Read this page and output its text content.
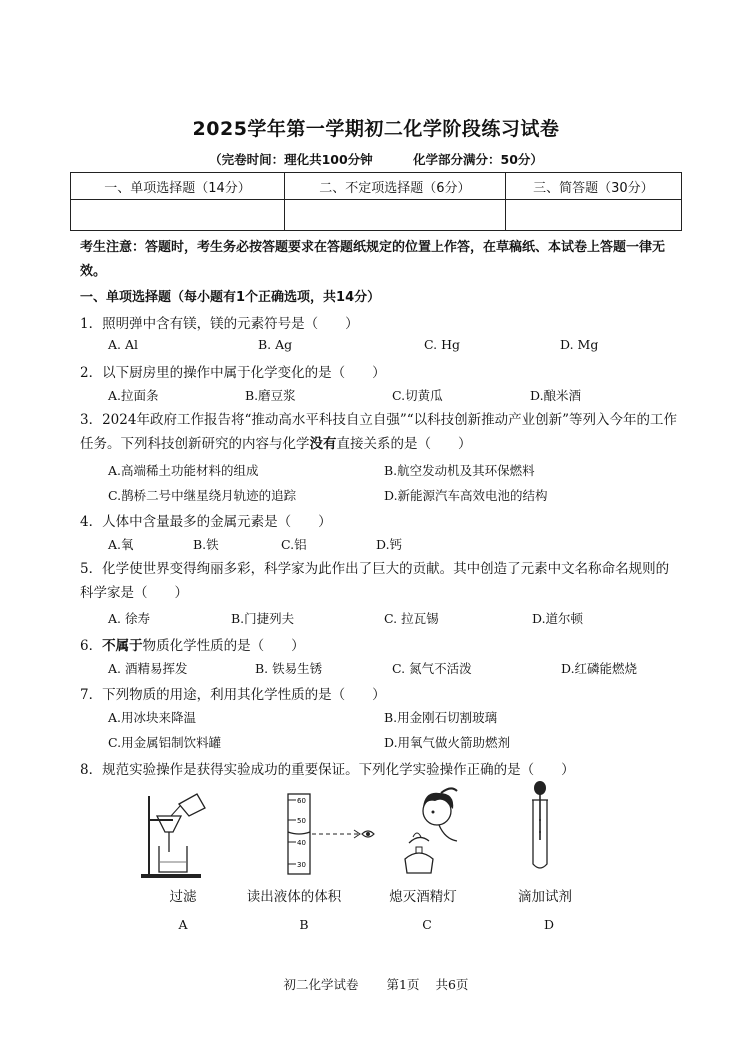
2025学年第一学期初二化学阶段练习试卷
（完卷时间：理化共100分钟	化学部分满分：50分）
一、单项选择题（14分）	二、不定项选择题（6分）	三、简答题（30分）

考生注意：答题时，考生务必按答题要求在答题纸规定的位置上作答，在草稿纸、本试卷上答题一律无效。
一、单项选择题（每小题有1个正确选项，共14分）
1．照明弹中含有镁，镁的元素符号是（　　）
A. Al	B. Ag	C. Hg	D. Mg
2．以下厨房里的操作中属于化学变化的是（　　）
A.拉面条	B.磨豆浆	C.切黄瓜	D.酿米酒
3．2024年政府工作报告将“推动高水平科技自立自强”“以科技创新推动产业创新”等列入今年的工作任务。下列科技创新研究的内容与化学没有直接关系的是（　　）
A.高端稀土功能材料的组成	B.航空发动机及其环保燃料
C.鹊桥二号中继星绕月轨迹的追踪	D.新能源汽车高效电池的结构
4．人体中含量最多的金属元素是（　　）
A.氧	B.铁	C.铝	D.钙
5．化学使世界变得绚丽多彩，科学家为此作出了巨大的贡献。其中创造了元素中文名称命名规则的科学家是（　　）
A. 徐寿	B.门捷列夫	C. 拉瓦锡	D.道尔顿
6．不属于物质化学性质的是（　　）
A. 酒精易挥发	B. 铁易生锈	C. 氮气不活泼	D.红磷能燃烧
7．下列物质的用途，利用其化学性质的是（　　）
A.用冰块来降温	B.用金刚石切割玻璃
C.用金属铝制饮料罐	D.用氧气做火箭助燃剂
8．规范实验操作是获得实验成功的重要保证。下列化学实验操作正确的是（　　）
60
50
40
30
过滤	读出液体的体积	熄灭酒精灯	滴加试剂
A	B	C	D
初二化学试卷 第1页 共6页
